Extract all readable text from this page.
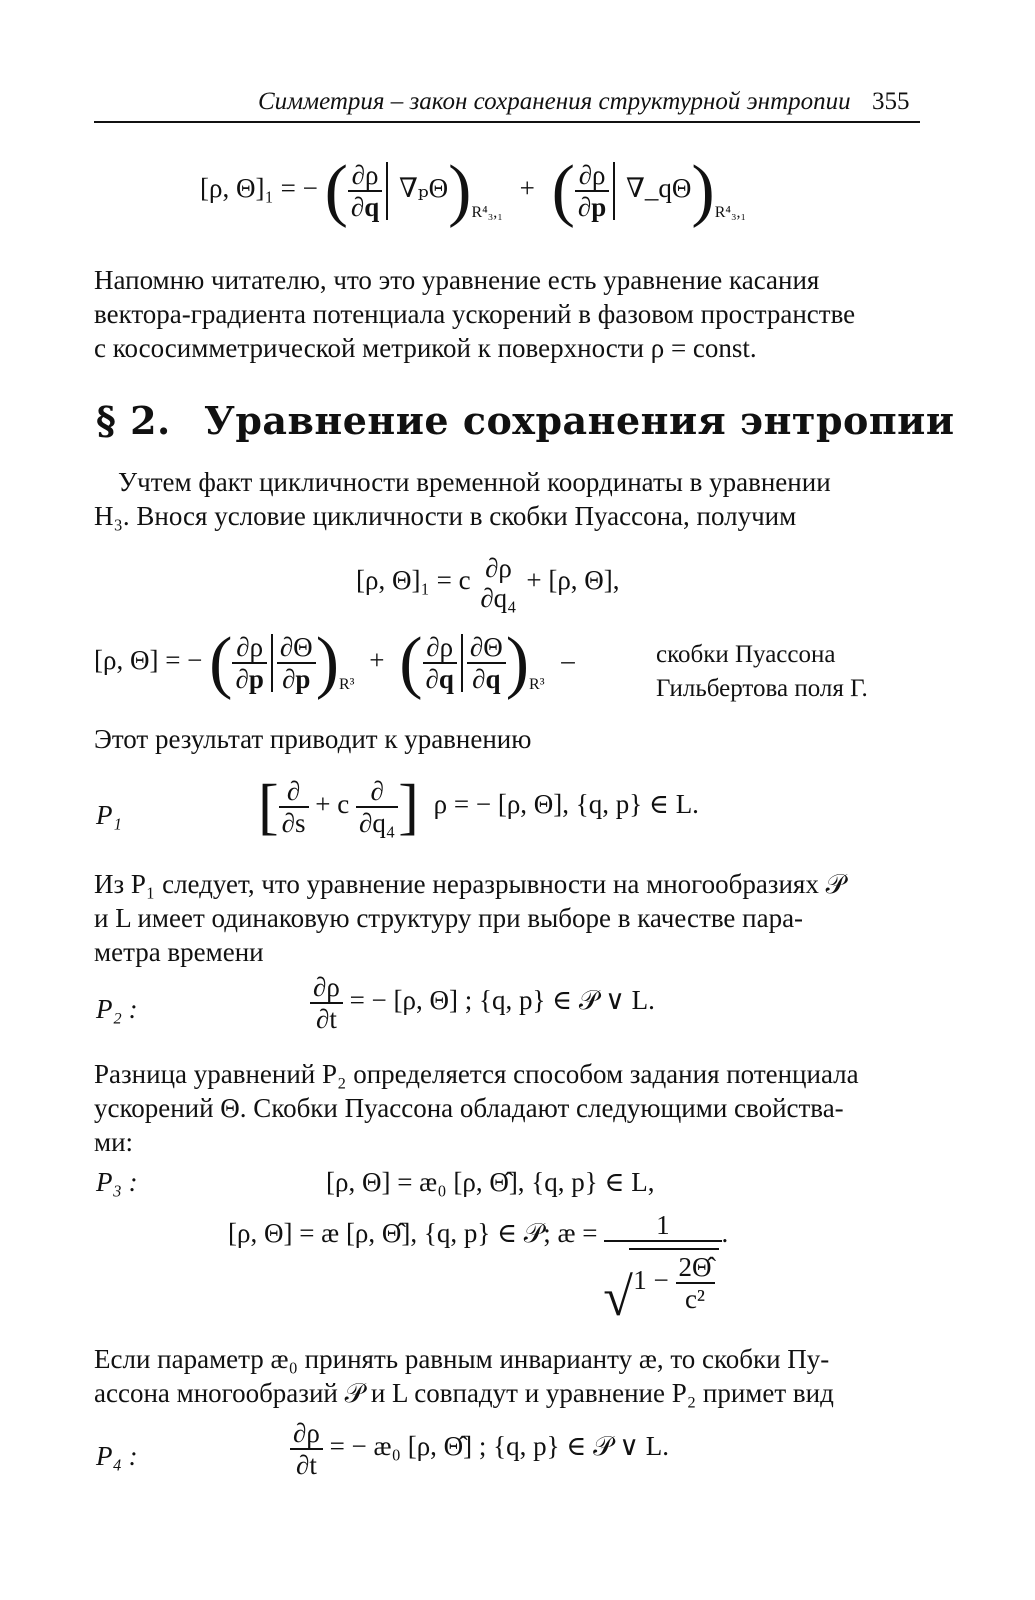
Симметрия – закон сохранения структурной энтропии 355
[ρ, Θ]₁ = − ( $\frac{\partial\rho}{\partial q} \nabla_p\Theta)_{R^4_3,_1}$ + ( $\frac{\partial\rho}{\partial p}$ $\nabla\_q\Theta)_{R^4_3,_1}$
Напомню читателю, что это уравнение есть уравнение касания
вектора-градиента потенциала ускорений в фазовом пространстве
с кососимметрической метрикой к поверхности ρ = const.
§ 2. Уравнение сохранения энтропии
Учтем факт цикличности временной координаты в уравнении
H₃. Внося условие цикличности в скобки Пуассона, получим
[ρ, Θ]₁ = c ∂ρ
∂q₄
+ [ρ, Θ],
[ρ, Θ] = − ( $\frac{\partial\rho}{\partial p} \frac{\partial\Theta}{\partial p} )_{R^3}$ + ( $\frac{\partial\rho}{\partial q} \frac{\partial\Theta}{\partial q} )_{R^3}$ –	скобки Пуассона
Гильбертова поля Γ.
Этот результат приводит к уравнению
P₁ [ $\frac{\partial}{\partial s} + c \frac{\partial}{\text{∂q₄}}$ ] ρ = − [ρ, Θ], {q, p} ∈ L.
Из P₁ следует, что уравнение неразрывности на многообразиях 𝒫
и L имеет одинаковую структуру при выборе в качестве пара-
метра времени
P₂ :	$\frac{\partial\rho}{\partial t}$ = − [ρ, Θ] ; {q, p} ∈ 𝒫 ∨ L.
Разница уравнений P₂ определяется способом задания потенциала
ускорений Θ. Скобки Пуассона обладают следующими свойства-
ми:
P₃ :	[ρ, Θ] = æ₀ [ρ, Θ̂], {q, p} ∈ L,
[ρ, Θ] = æ [ρ, Θ̂], {q, p} ∈ 𝒫; æ = 1
√ $1 - \frac{2\Thetâ}{\text{c²}}$ .
Если параметр æ₀ принять равным инварианту æ, то скобки Пу-
ассона многообразий 𝒫 и L совпадут и уравнение P₂ примет вид
P₄ :	$\frac{\partial\rho}{\partial t}$ = − æ₀ [ρ, Θ̂] ; {q, p} ∈ 𝒫 ∨ L.
